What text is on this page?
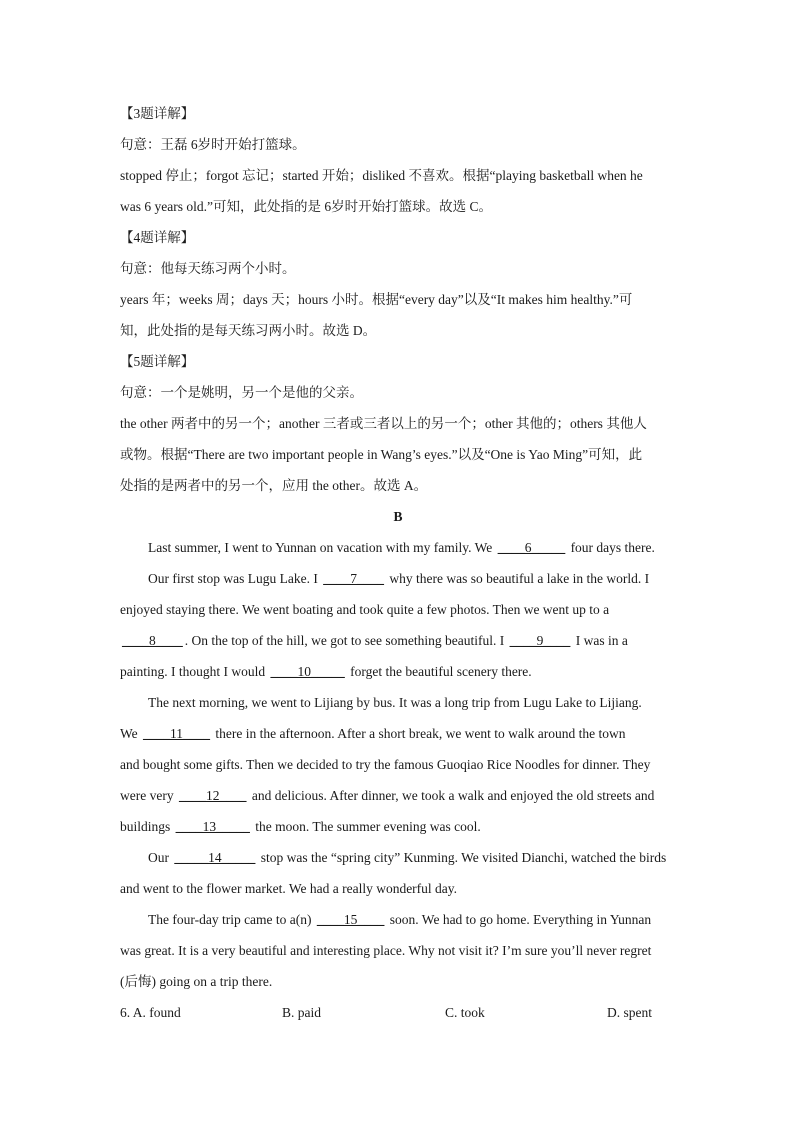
【3题详解】
句意：王磊 6岁时开始打篮球。
stopped 停止；forgot 忘记；started 开始；disliked 不喜欢。根据“playing basketball when he
was 6 years old.”可知，此处指的是 6岁时开始打篮球。故选 C。
【4题详解】
句意：他每天练习两个小时。
years 年；weeks 周；days 天；hours 小时。根据“every day”以及“It makes him healthy.”可
知，此处指的是每天练习两小时。故选 D。
【5题详解】
句意：一个是姚明，另一个是他的父亲。
the other 两者中的另一个；another 三者或三者以上的另一个；other 其他的；others 其他人
或物。根据“There are two important people in Wang’s eyes.”以及“One is Yao Ming”可知，此
处指的是两者中的另一个，应用 the other。故选 A。
B
Last summer, I went to Yunnan on vacation with my family. We ____6_____ four days there.
Our first stop was Lugu Lake. I ____7____ why there was so beautiful a lake in the world. I
enjoyed staying there. We went boating and took quite a few photos. Then we went up to a
____8____ . On the top of the hill, we got to see something beautiful. I ____9____ I was in a
painting. I thought I would ____10_____ forget the beautiful scenery there.
The next morning, we went to Lijiang by bus. It was a long trip from Lugu Lake to Lijiang.
We ____11____ there in the afternoon. After a short break, we went to walk around the town
and bought some gifts. Then we decided to try the famous Guoqiao Rice Noodles for dinner. They
were very ____12____ and delicious. After dinner, we took a walk and enjoyed the old streets and
buildings ____13_____ the moon. The summer evening was cool.
Our _____14_____ stop was the “spring city” Kunming. We visited Dianchi, watched the birds
and went to the flower market. We had a really wonderful day.
The four-day trip came to a(n) ____15____ soon. We had to go home. Everything in Yunnan
was great. It is a very beautiful and interesting place. Why not visit it? I’m sure you’ll never regret
(后悔) going on a trip there.
6. A. found	B. paid	C. took	D. spent
